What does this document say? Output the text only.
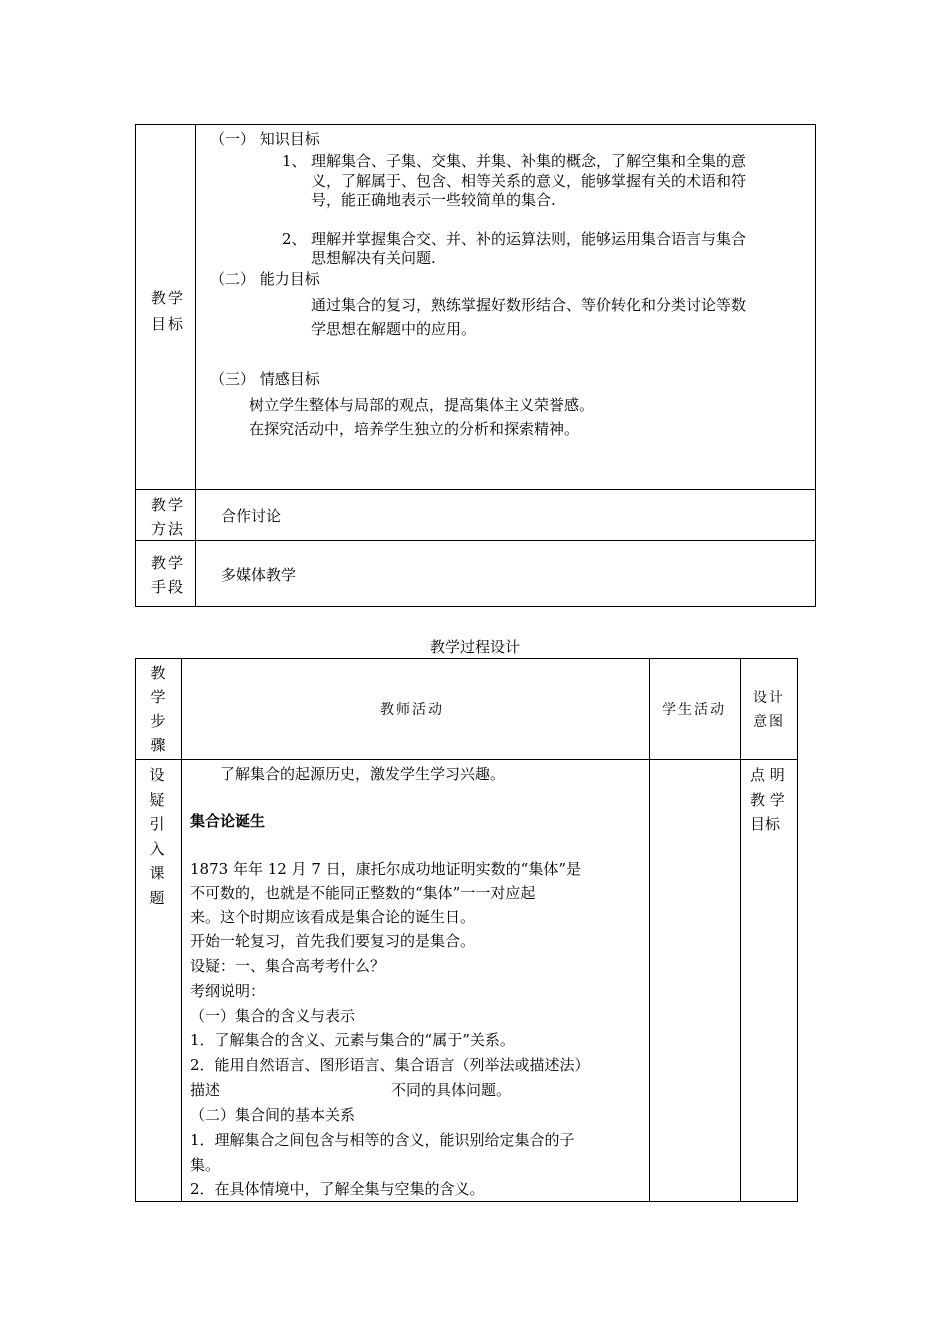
教学
目标
（一） 知识目标
1、 理解集合、子集、交集、并集、补集的概念，了解空集和全集的意
义，了解属于、包含、相等关系的意义，能够掌握有关的术语和符
号，能正确地表示一些较简单的集合.
2、 理解并掌握集合交、并、补的运算法则，能够运用集合语言与集合
思想解决有关问题.
（二） 能力目标
通过集合的复习，熟练掌握好数形结合、等价转化和分类讨论等数
学思想在解题中的应用。
（三） 情感目标
树立学生整体与局部的观点，提高集体主义荣誉感。
在探究活动中，培养学生独立的分析和探索精神。
教学
方法
合作讨论
教学
手段
多媒体教学
教学过程设计
教
学
步
骤
教师活动	学生活动
设计
意图
设
疑
引
入
课
题
点 明
教 学
目标
了解集合的起源历史，激发学生学习兴趣。
集合论诞生
1873 年年 12 月 7 日，康托尔成功地证明实数的“集体”是
不可数的，也就是不能同正整数的“集体”一一对应起
来。这个时期应该看成是集合论的诞生日。
开始一轮复习，首先我们要复习的是集合。
设疑：一、集合高考考什么？
考纲说明：
（一）集合的含义与表示
1．了解集合的含义、元素与集合的“属于”关系。
2．能用自然语言、图形语言、集合语言（列举法或描述法）
描述	不同的具体问题。
（二）集合间的基本关系
1．理解集合之间包含与相等的含义，能识别给定集合的子
集。
2．在具体情境中，了解全集与空集的含义。
